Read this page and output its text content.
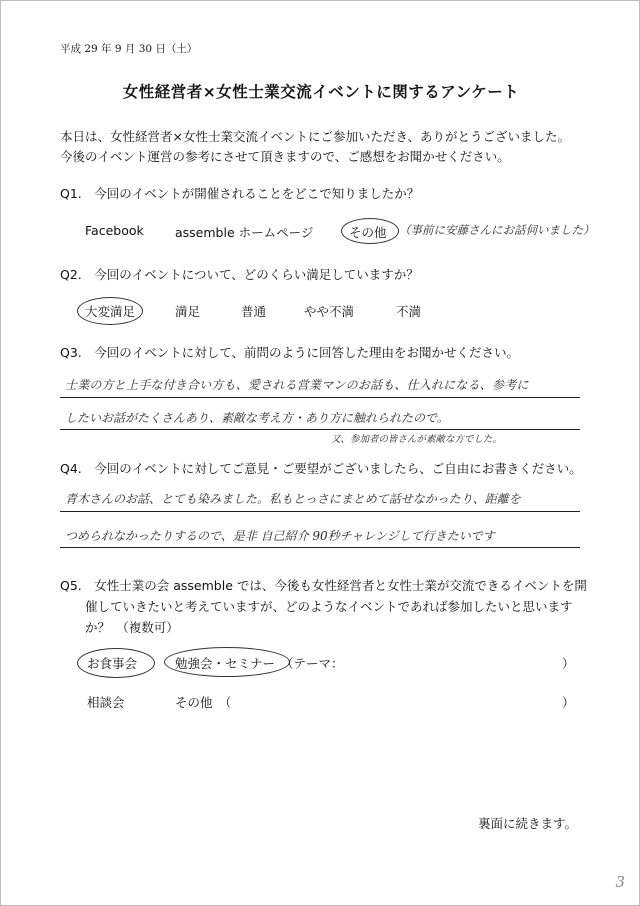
平成 29 年 9 月 30 日（土）
女性経営者×女性士業交流イベントに関するアンケート
本日は、女性経営者×女性士業交流イベントにご参加いただき、ありがとうございました。
今後のイベント運営の参考にさせて頂きますので、ご感想をお聞かせください。
Q1.　今回のイベントが開催されることをどこで知りましたか？
Facebook	assemble ホームページ	その他 （事前に安藤さんにお話伺いました）
Q2.　今回のイベントについて、どのくらい満足していますか？
大変満足	満足	普通	やや不満	不満
Q3.　今回のイベントに対して、前問のように回答した理由をお聞かせください。
士業の方と上手な付き合い方も、愛される営業マンのお話も、仕入れになる、参考に
したいお話がたくさんあり、素敵な考え方・あり方に触れられたので。
又、参加者の皆さんが素敵な方でした。
Q4.　今回のイベントに対してご意見・ご要望がございましたら、ご自由にお書きください。
青木さんのお話、とても染みました。私もとっさにまとめて話せなかったり、距離を
つめられなかったりするので、是非 自己紹介 90秒チャレンジして行きたいです
Q5.　女性士業の会 assemble では、今後も女性経営者と女性士業が交流できるイベントを開
催していきたいと考えていますが、どのようなイベントであれば参加したいと思います
か？　（複数可）
お食事会	勉強会・セミナー （テーマ：	）
相談会	その他　（	）
裏面に続きます。
3
